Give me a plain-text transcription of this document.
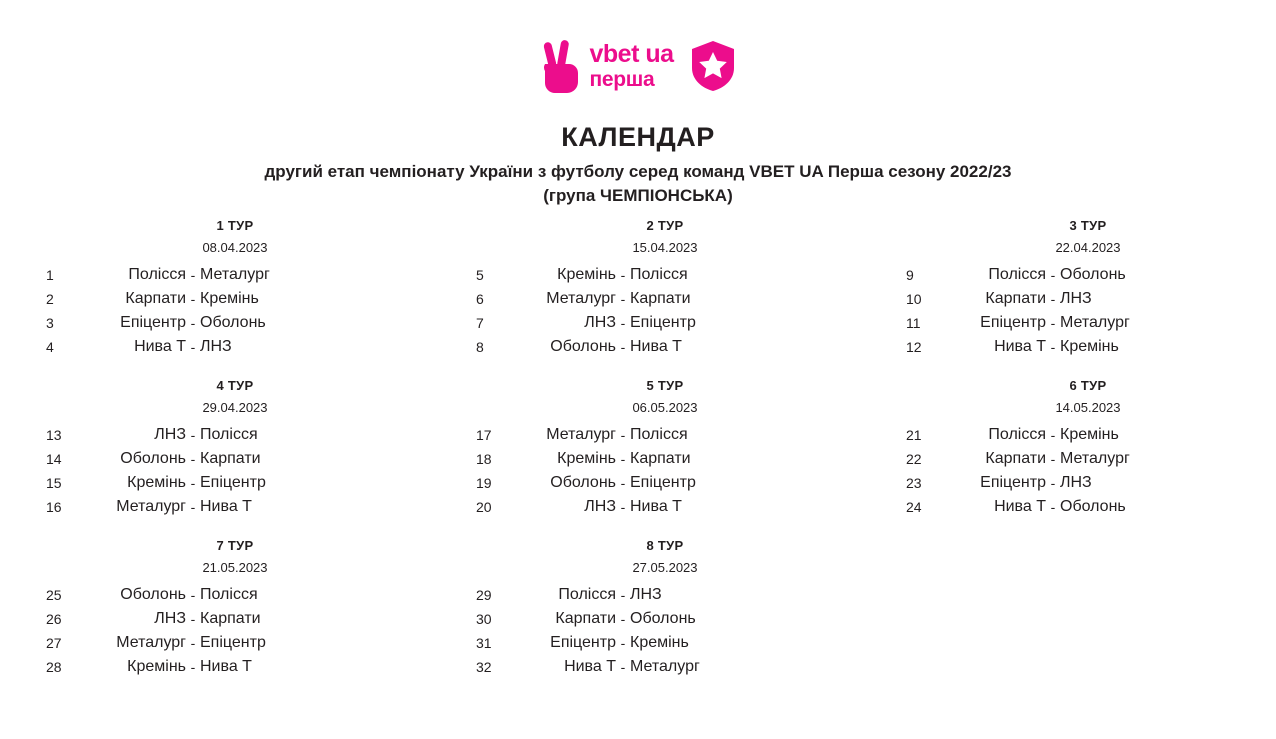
vbet ua
перша
КАЛЕНДАР
другий етап чемпіонату України з футболу серед команд VBET UA Перша сезону 2022/23
(група ЧЕМПІОНСЬКА)
1 ТУР
08.04.2023
1	Полісся - Металург
2	Карпати - Кремінь
3	Епіцентр - Оболонь
4	Нива Т - ЛНЗ
2 ТУР
15.04.2023
5	Кремінь - Полісся
6	Металург - Карпати
7	ЛНЗ - Епіцентр
8	Оболонь - Нива Т
3 ТУР
22.04.2023
9	Полісся - Оболонь
10	Карпати - ЛНЗ
11	Епіцентр - Металург
12	Нива Т - Кремінь
4 ТУР
29.04.2023
13	ЛНЗ - Полісся
14	Оболонь - Карпати
15	Кремінь - Епіцентр
16	Металург - Нива Т
5 ТУР
06.05.2023
17	Металург - Полісся
18	Кремінь - Карпати
19	Оболонь - Епіцентр
20	ЛНЗ - Нива Т
6 ТУР
14.05.2023
21	Полісся - Кремінь
22	Карпати - Металург
23	Епіцентр - ЛНЗ
24	Нива Т - Оболонь
7 ТУР
21.05.2023
25	Оболонь - Полісся
26	ЛНЗ - Карпати
27	Металург - Епіцентр
28	Кремінь - Нива Т
8 ТУР
27.05.2023
29	Полісся - ЛНЗ
30	Карпати - Оболонь
31	Епіцентр - Кремінь
32	Нива Т - Металург
